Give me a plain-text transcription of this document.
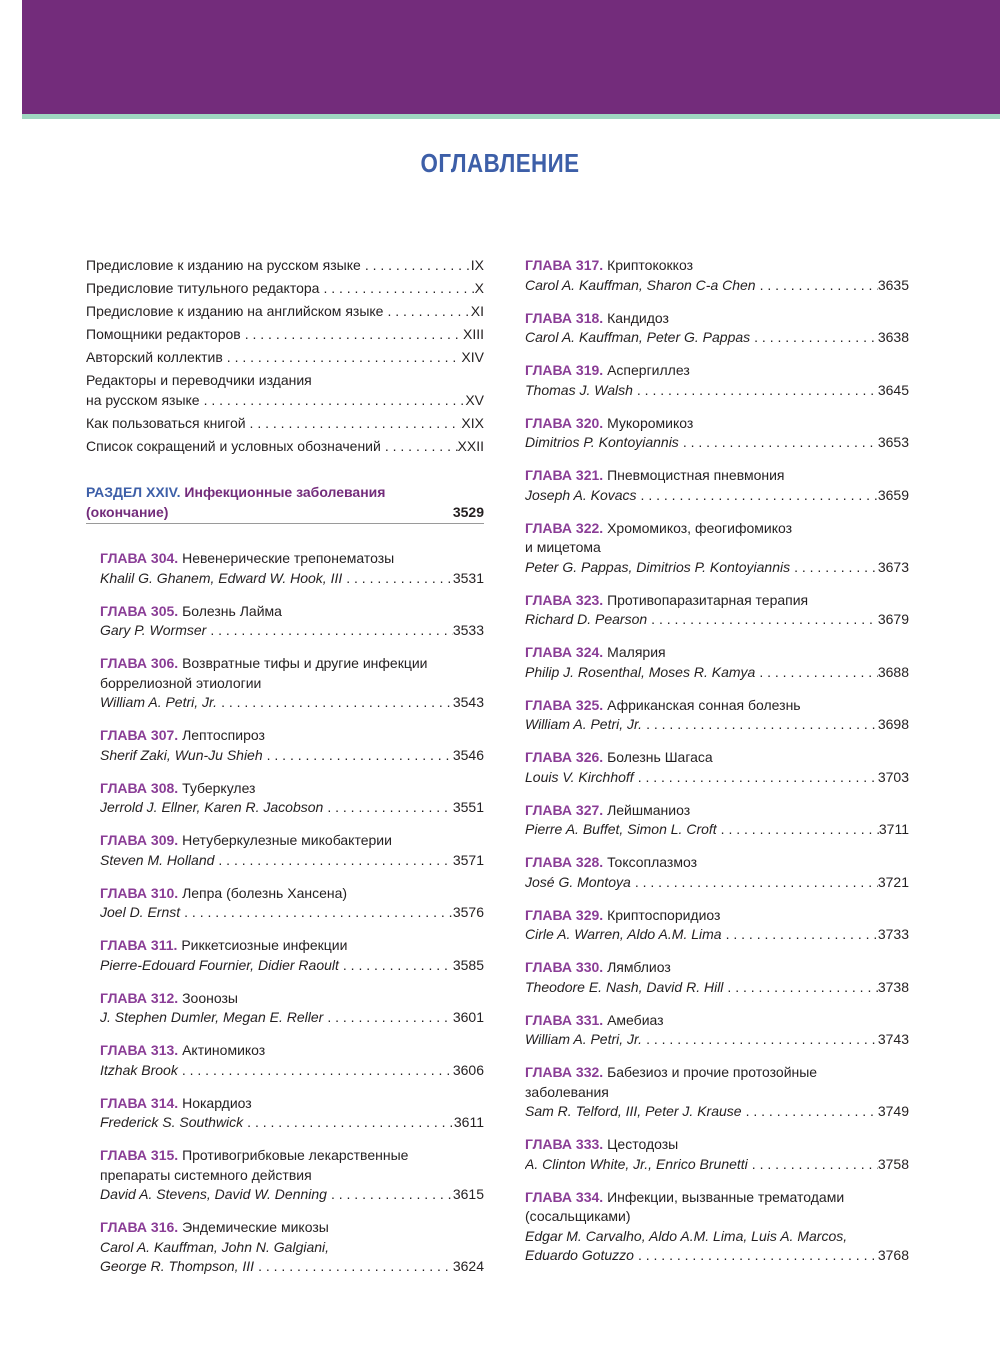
ОГЛАВЛЕНИЕ
Предисловие к изданию на русском языке . . .	IX
Предисловие титульного редактора . . .	X
Предисловие к изданию на английском языке . . .	XI
Помощники редакторов . . .	XIII
Авторский коллектив . . .	XIV
Редакторы и переводчики издания
на русском языке . . .	XV
Как пользоваться книгой . . .	XIX
Список сокращений и условных обозначений . . .	XXII
РАЗДЕЛ XXIV. Инфекционные заболевания
(окончание)	3529
ГЛАВА 304. Невенерические трепонематозы
Khalil G. Ghanem, Edward W. Hook, III . . .	3531
ГЛАВА 305. Болезнь Лайма
Gary P. Wormser . . .	3533
ГЛАВА 306. Возвратные тифы и другие инфекции
боррелиозной этиологии
William A. Petri, Jr. . . .	3543
ГЛАВА 307. Лептоспироз
Sherif Zaki, Wun-Ju Shieh . . .	3546
ГЛАВА 308. Туберкулез
Jerrold J. Ellner, Karen R. Jacobson . . .	3551
ГЛАВА 309. Нетуберкулезные микобактерии
Steven M. Holland . . .	3571
ГЛАВА 310. Лепра (болезнь Хансена)
Joel D. Ernst . . .	3576
ГЛАВА 311. Риккетсиозные инфекции
Pierre-Edouard Fournier, Didier Raoult . . .	3585
ГЛАВА 312. Зоонозы
J. Stephen Dumler, Megan E. Reller . . .	3601
ГЛАВА 313. Актиномикоз
Itzhak Brook . . .	3606
ГЛАВА 314. Нокардиоз
Frederick S. Southwick . . .	3611
ГЛАВА 315. Противогрибковые лекарственные
препараты системного действия
David A. Stevens, David W. Denning . . .	3615
ГЛАВА 316. Эндемические микозы
Carol A. Kauffman, John N. Galgiani,
George R. Thompson, III . . .	3624
ГЛАВА 317. Криптококкоз
Carol A. Kauffman, Sharon C-a Chen . . .	3635
ГЛАВА 318. Кандидоз
Carol A. Kauffman, Peter G. Pappas . . .	3638
ГЛАВА 319. Аспергиллез
Thomas J. Walsh . . .	3645
ГЛАВА 320. Мукоромикоз
Dimitrios P. Kontoyiannis . . .	3653
ГЛАВА 321. Пневмоцистная пневмония
Joseph A. Kovacs . . .	3659
ГЛАВА 322. Хромомикоз, феогифомикоз
и мицетома
Peter G. Pappas, Dimitrios P. Kontoyiannis . . .	3673
ГЛАВА 323. Противопаразитарная терапия
Richard D. Pearson . . .	3679
ГЛАВА 324. Малярия
Philip J. Rosenthal, Moses R. Kamya . . .	3688
ГЛАВА 325. Африканская сонная болезнь
William A. Petri, Jr. . . .	3698
ГЛАВА 326. Болезнь Шагаса
Louis V. Kirchhoff . . .	3703
ГЛАВА 327. Лейшманиоз
Pierre A. Buffet, Simon L. Croft . . .	3711
ГЛАВА 328. Токсоплазмоз
José G. Montoya . . .	3721
ГЛАВА 329. Криптоспоридиоз
Cirle A. Warren, Aldo A.M. Lima . . .	3733
ГЛАВА 330. Лямблиоз
Theodore E. Nash, David R. Hill . . .	3738
ГЛАВА 331. Амебиаз
William A. Petri, Jr. . . .	3743
ГЛАВА 332. Бабезиоз и прочие протозойные
заболевания
Sam R. Telford, III, Peter J. Krause . . .	3749
ГЛАВА 333. Цестодозы
A. Clinton White, Jr., Enrico Brunetti . . .	3758
ГЛАВА 334. Инфекции, вызванные трематодами
(сосальщиками)
Edgar M. Carvalho, Aldo A.M. Lima, Luis A. Marcos,
Eduardo Gotuzzo . . .	3768
